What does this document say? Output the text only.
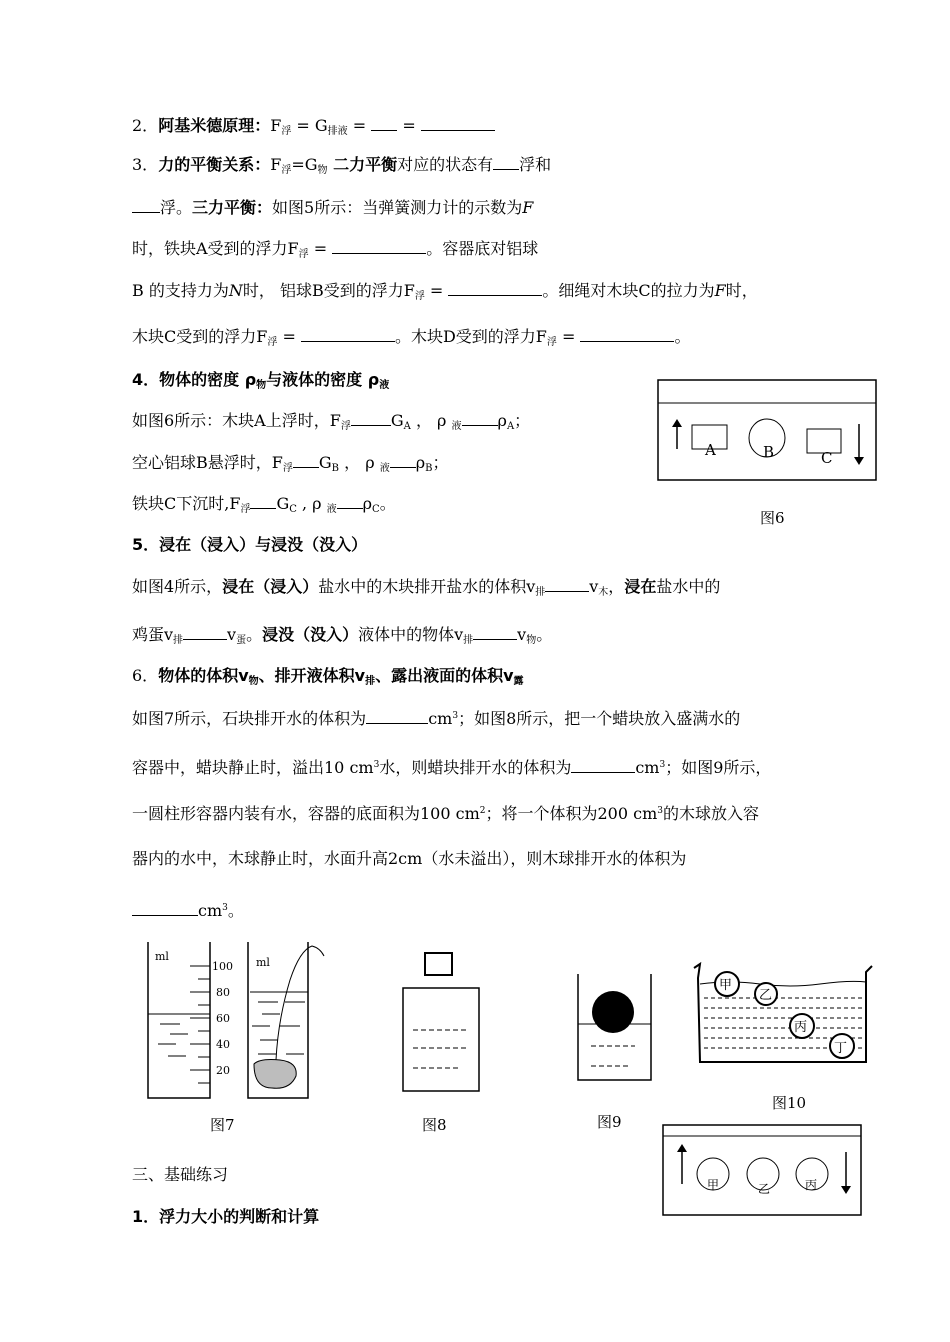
2．阿基米德原理：$F_浮 = G_{排液}$ =  =
3．力的平衡关系：$F_浮=G_物$ 二力平衡对应的状态有 浮和
浮。三力平衡：如图5所示：当弹簧测力计的示数为F
时，铁块A受到的浮力$F_浮$ =	。容器底对铝球
B 的支持力为N时， 铝球B受到的浮力$F_浮$ =	。细绳对木块C的拉力为F时，
木块C受到的浮力$F_浮$ =	。木块D受到的浮力$F_浮$ =	。
4．物体的密度 $\rho_物$与液体的密度 $\rho_液$
如图6所示：木块A上浮时，$F_浮$	$G_A$ ， ρ $_液$ $\rho_A$；
空心铝球B悬浮时，$F_浮$ $G_B$ ， ρ $_液$ $\rho_B$；
铁块C下沉时$,F_浮$ $G_C$ , ρ $_液$ $\rho_C$。
5．浸在（浸入）与浸没（没入）
如图4所示，浸在（浸入）盐水中的木块排开盐水的体积$v_排$	$v_木$，浸在盐水中的
鸡蛋$v_排$	$v_蛋$。浸没（没入）液体中的物体$v_排$	$v_物$。
6．物体的体积$v_物$、排开液体积$v_排$、露出液面的体积$v_露$
如图7所示，石块排开水的体积为	$cm^3$；如图8所示，把一个蜡块放入盛满水的
容器中，蜡块静止时，溢出10 $cm^3$水，则蜡块排开水的体积为	$cm^3$；如图9所示，
一圆柱形容器内装有水，容器的底面积为100 $cm^2$；将一个体积为200 $cm^3$的木球放入容
器内的水中，木球静止时，水面升高2cm（水未溢出），则木球排开水的体积为
$cm^3$。
A	B	C
图6
ml
100
80
60
40
20
ml
图7	图8	图9
甲
乙
丙
丁
图10
甲	乙	丙
三、基础练习
1．浮力大小的判断和计算
